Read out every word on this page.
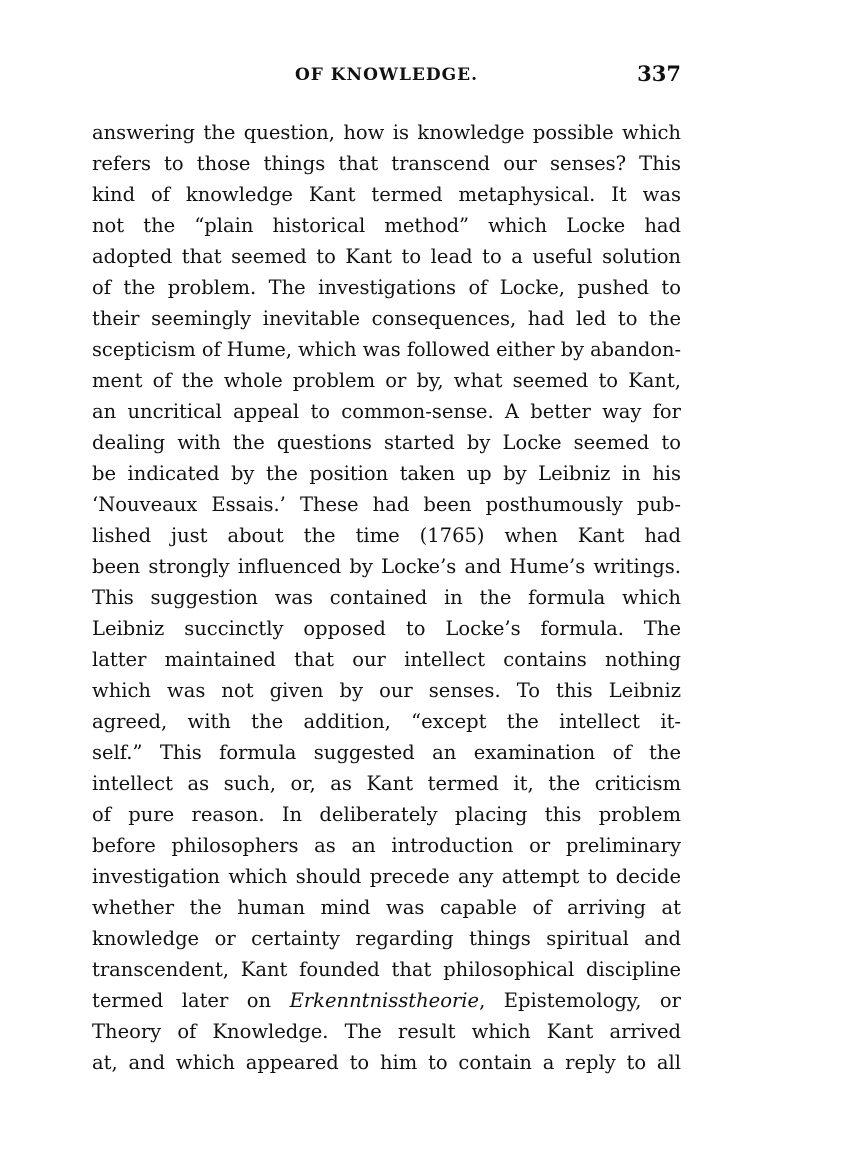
OF KNOWLEDGE.	337
answering the question, how is knowledge possible which
refers to those things that transcend our senses? This
kind of knowledge Kant termed metaphysical. It was
not the “plain historical method” which Locke had
adopted that seemed to Kant to lead to a useful solution
of the problem. The investigations of Locke, pushed to
their seemingly inevitable consequences, had led to the
scepticism of Hume, which was followed either by abandon-
ment of the whole problem or by, what seemed to Kant,
an uncritical appeal to common-sense. A better way for
dealing with the questions started by Locke seemed to
be indicated by the position taken up by Leibniz in his
‘Nouveaux Essais.’ These had been posthumously pub-
lished just about the time (1765) when Kant had
been strongly influenced by Locke’s and Hume’s writings.
This suggestion was contained in the formula which
Leibniz succinctly opposed to Locke’s formula. The
latter maintained that our intellect contains nothing
which was not given by our senses. To this Leibniz
agreed, with the addition, “except the intellect it-
self.” This formula suggested an examination of the
intellect as such, or, as Kant termed it, the criticism
of pure reason. In deliberately placing this problem
before philosophers as an introduction or preliminary
investigation which should precede any attempt to decide
whether the human mind was capable of arriving at
knowledge or certainty regarding things spiritual and
transcendent, Kant founded that philosophical discipline
termed later on Erkenntnisstheorie, Epistemology, or
Theory of Knowledge. The result which Kant arrived
at, and which appeared to him to contain a reply to all
